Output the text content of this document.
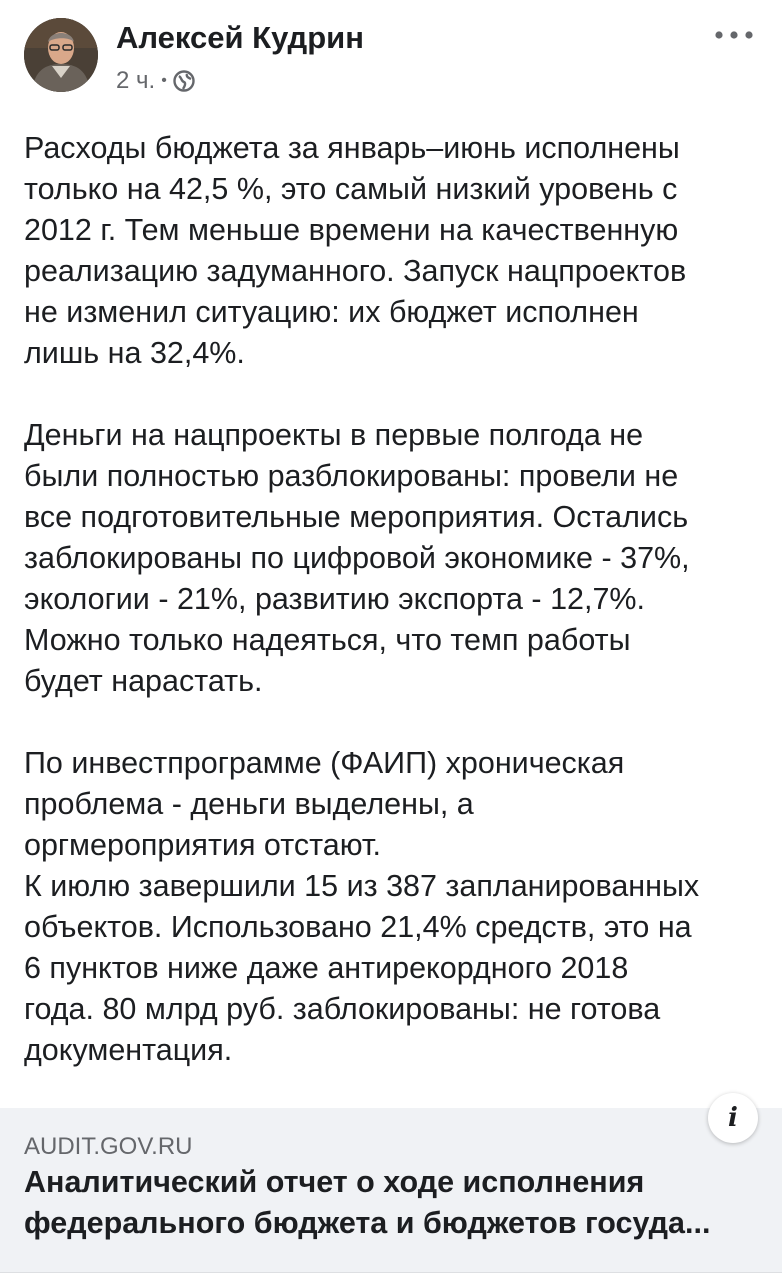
Алексей Кудрин
2 ч. •

Расходы бюджета за январь–июнь исполнены
только на 42,5 %, это самый низкий уровень с
2012 г. Тем меньше времени на качественную
реализацию задуманного. Запуск нацпроектов
не изменил ситуацию: их бюджет исполнен
лишь на 32,4%.

Деньги на нацпроекты в первые полгода не
были полностью разблокированы: провели не
все подготовительные мероприятия. Остались
заблокированы по цифровой экономике - 37%,
экологии - 21%, развитию экспорта - 12,7%.
Можно только надеяться, что темп работы
будет нарастать.

По инвестпрограмме (ФАИП) хроническая
проблема - деньги выделены, а
оргмероприятия отстают.
К июлю завершили 15 из 387 запланированных
объектов. Использовано 21,4% средств, это на
6 пунктов ниже даже антирекордного 2018
года. 80 млрд руб. заблокированы: не готова
документация.

AUDIT.GOV.RU
Аналитический отчет о ходе исполнения
федерального бюджета и бюджетов госуда...
i
